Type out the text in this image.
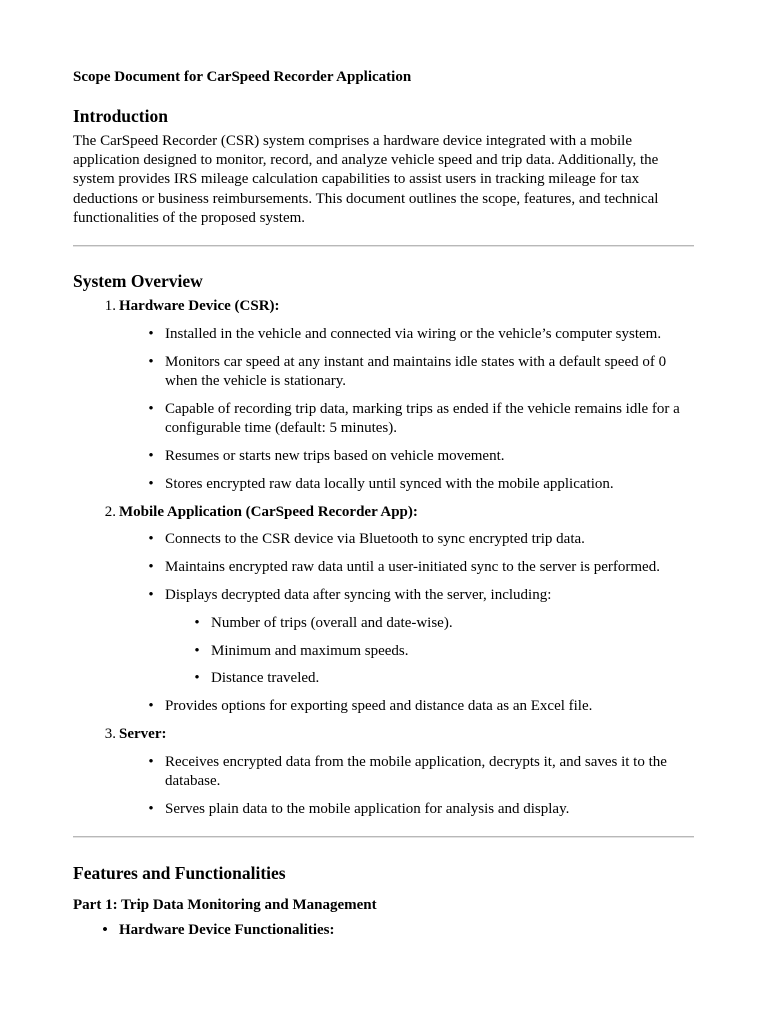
Scope Document for CarSpeed Recorder Application
Introduction

The CarSpeed Recorder (CSR) system comprises a hardware device integrated with a mobile application designed to monitor, record, and analyze vehicle speed and trip data. Additionally, the system provides IRS mileage calculation capabilities to assist users in tracking mileage for tax deductions or business reimbursements. This document outlines the scope, features, and technical functionalities of the proposed system.

System Overview
1. Hardware Device (CSR):
• Installed in the vehicle and connected via wiring or the vehicle’s computer system.
• Monitors car speed at any instant and maintains idle states with a default speed of 0 when the vehicle is stationary.
• Capable of recording trip data, marking trips as ended if the vehicle remains idle for a configurable time (default: 5 minutes).
• Resumes or starts new trips based on vehicle movement.
• Stores encrypted raw data locally until synced with the mobile application.
2. Mobile Application (CarSpeed Recorder App):
• Connects to the CSR device via Bluetooth to sync encrypted trip data.
• Maintains encrypted raw data until a user-initiated sync to the server is performed.
• Displays decrypted data after syncing with the server, including:
• Number of trips (overall and date-wise).
• Minimum and maximum speeds.
• Distance traveled.
• Provides options for exporting speed and distance data as an Excel file.
3. Server:
• Receives encrypted data from the mobile application, decrypts it, and saves it to the database.
• Serves plain data to the mobile application for analysis and display.
Features and Functionalities
Part 1: Trip Data Monitoring and Management
• Hardware Device Functionalities:
